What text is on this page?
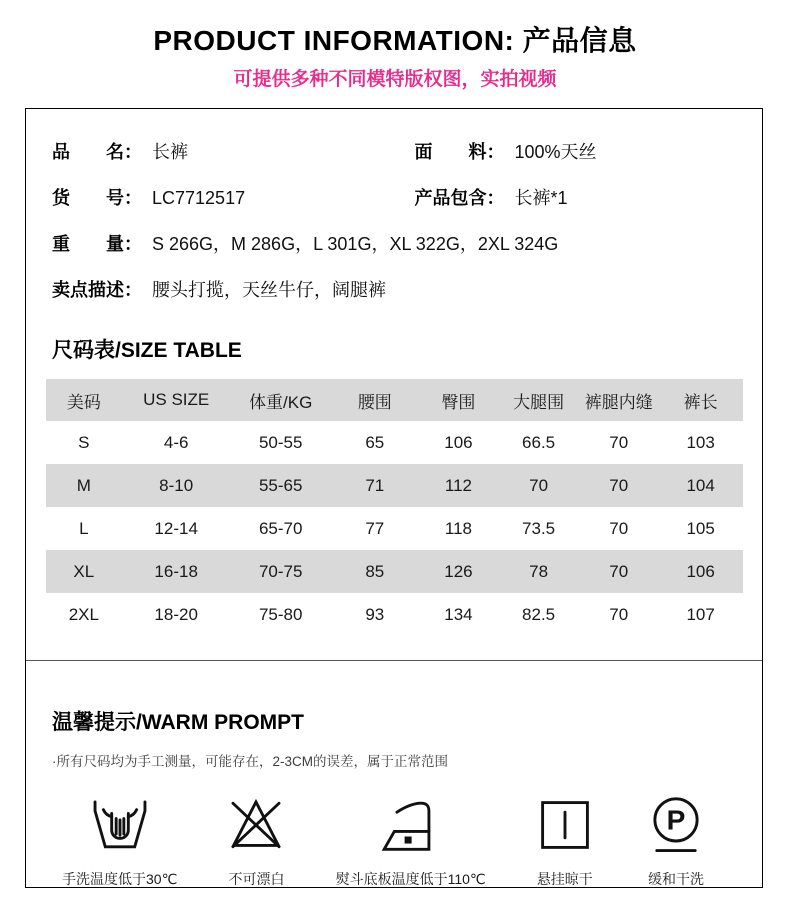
PRODUCT INFORMATION: 产品信息
可提供多种不同模特版权图，实拍视频
品　　名： 长裤	面　　料： 100%天丝
货　　号： LC7712517	产品包含： 长裤*1
重　　量： S 266G，M 286G，L 301G，XL 322G，2XL 324G
卖点描述： 腰头打揽，天丝牛仔，阔腿裤
尺码表/SIZE TABLE
美码	US SIZE	体重/KG	腰围	臀围	大腿围	裤腿内缝	裤长
S	4-6	50-55	65	106	66.5	70	103
M	8-10	55-65	71	112	70	70	104
L	12-14	65-70	77	118	73.5	70	105
XL	16-18	70-75	85	126	78	70	106
2XL	18-20	75-80	93	134	82.5	70	107
温馨提示/WARM PROMPT
·所有尺码均为手工测量，可能存在，2-3CM的误差，属于正常范围
手洗温度低于30℃	不可漂白	熨斗底板温度低于110℃	悬挂晾干
P
缓和干洗
